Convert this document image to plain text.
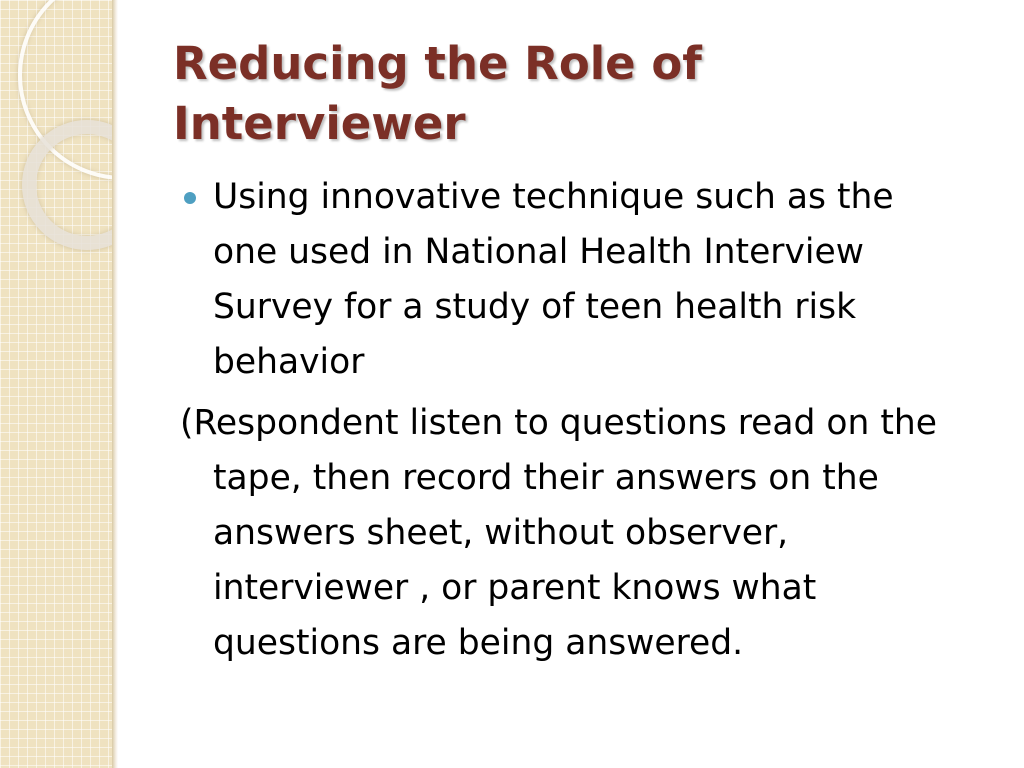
Reducing the Role of Interviewer
Using innovative technique such as the one used in National Health Interview Survey for a study of teen health risk behavior

(Respondent listen to questions read on the tape, then record their answers on the answers sheet, without observer, interviewer , or parent knows what questions are being answered.
